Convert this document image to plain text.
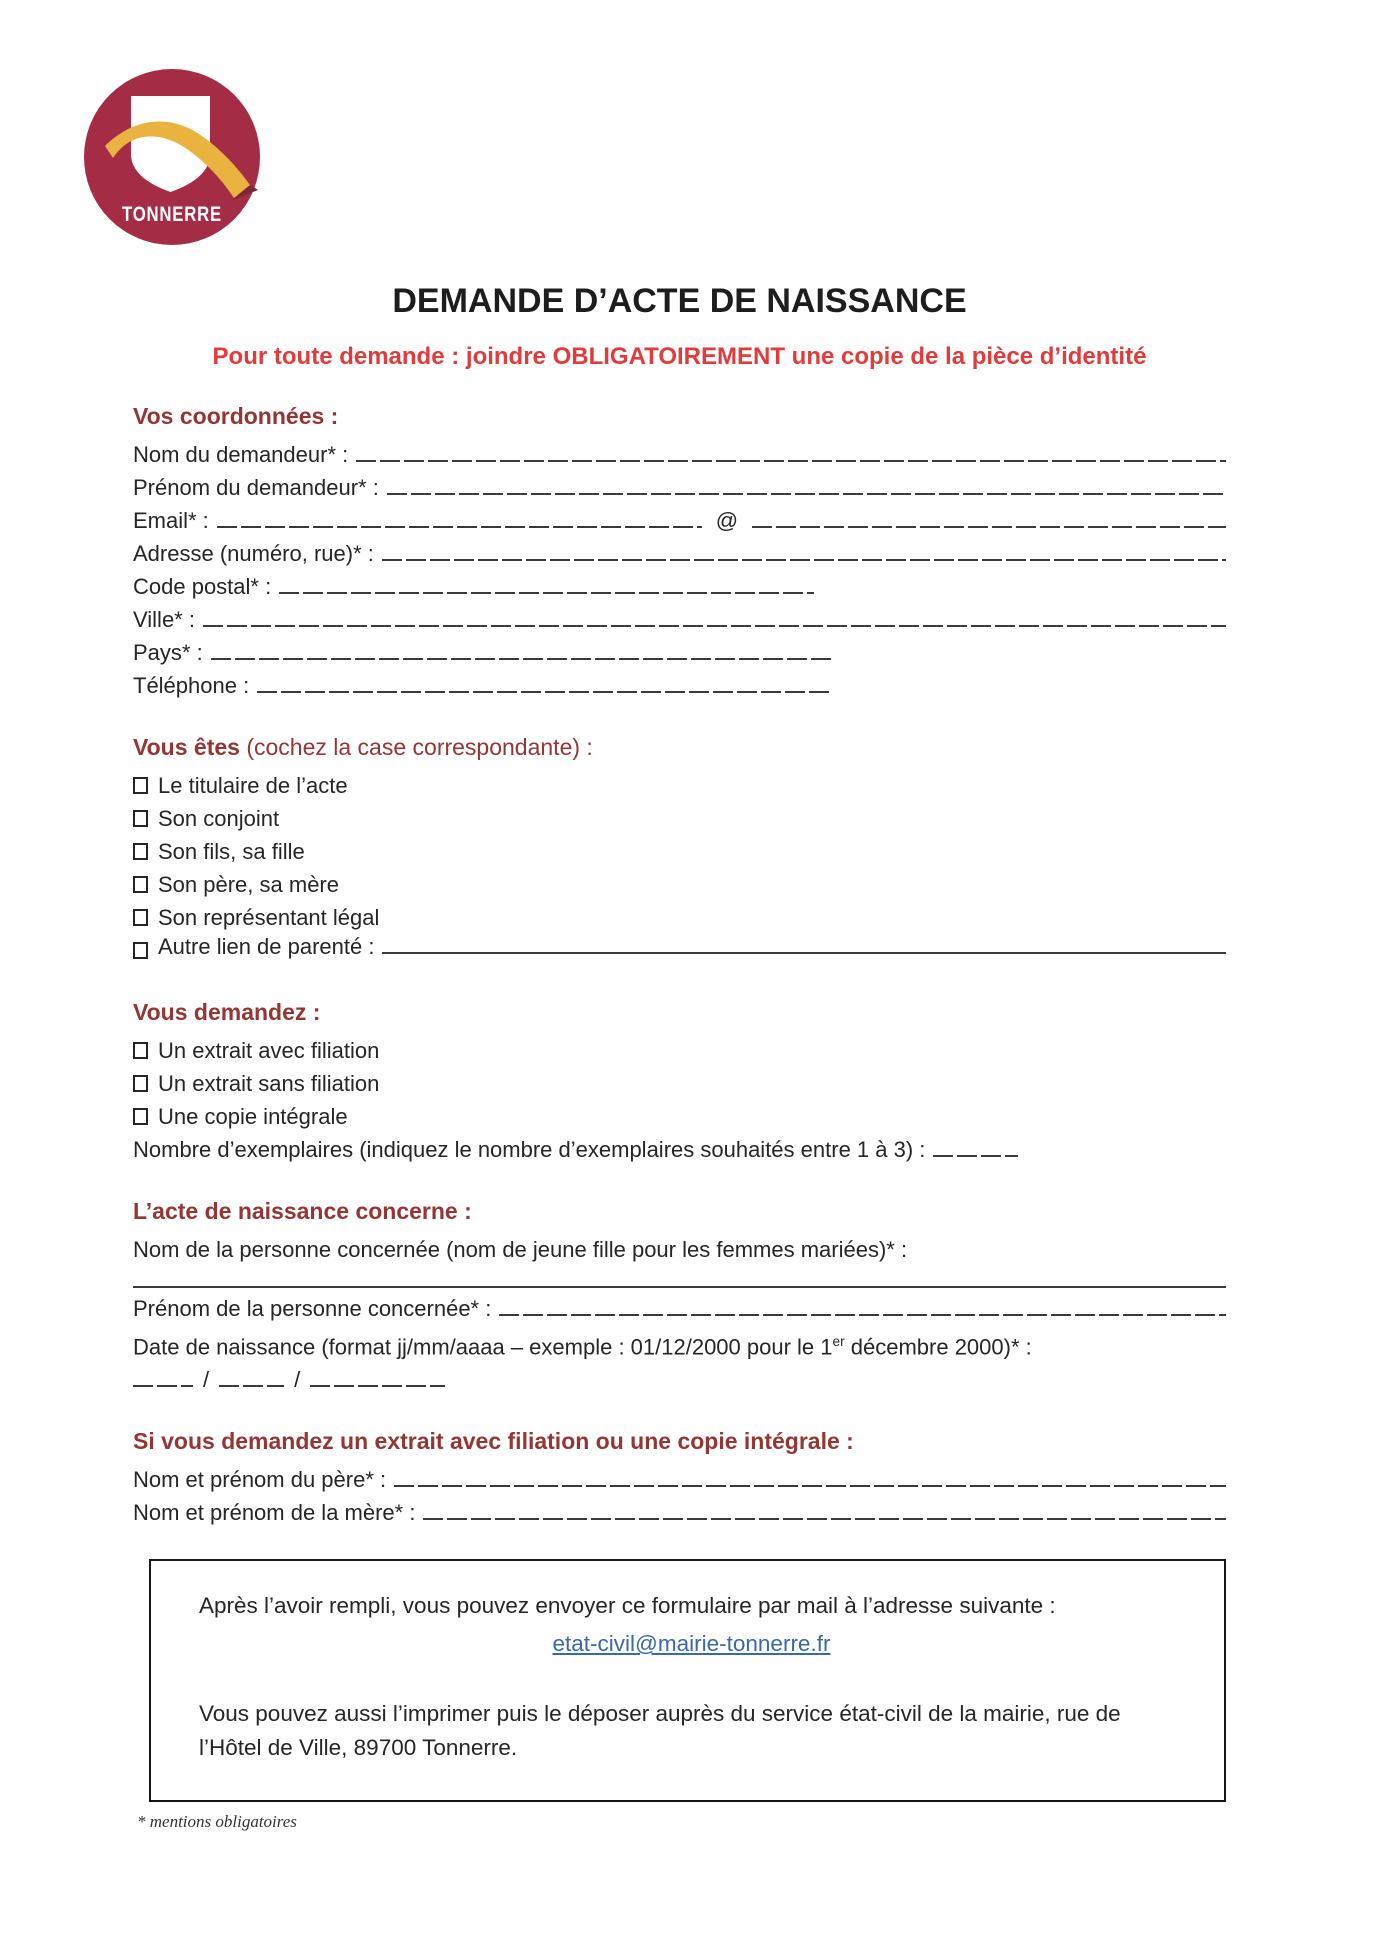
TONNERRE
DEMANDE D’ACTE DE NAISSANCE
Pour toute demande : joindre OBLIGATOIREMENT une copie de la pièce d’identité
Vos coordonnées :
Nom du demandeur* :
Prénom du demandeur* :
Email* :	@
Adresse (numéro, rue)* :
Code postal* :
Ville* :
Pays* :
Téléphone :
Vous êtes (cochez la case correspondante) :
Le titulaire de l’acte
Son conjoint
Son fils, sa fille
Son père, sa mère
Son représentant légal
Autre lien de parenté :
Vous demandez :
Un extrait avec filiation
Un extrait sans filiation
Une copie intégrale
Nombre d’exemplaires (indiquez le nombre d’exemplaires souhaités entre 1 à 3) :
L’acte de naissance concerne :
Nom de la personne concernée (nom de jeune fille pour les femmes mariées)* :
Prénom de la personne concernée* :
Date de naissance (format jj/mm/aaaa – exemple : 01/12/2000 pour le 1er décembre 2000)* :
/	/
Si vous demandez un extrait avec filiation ou une copie intégrale :
Nom et prénom du père* :
Nom et prénom de la mère* :

Après l’avoir rempli, vous pouvez envoyer ce formulaire par mail à l’adresse suivante :

etat-civil@mairie-tonnerre.fr

Vous pouvez aussi l’imprimer puis le déposer auprès du service état-civil de la mairie, rue de l’Hôtel de Ville, 89700 Tonnerre.

* mentions obligatoires
